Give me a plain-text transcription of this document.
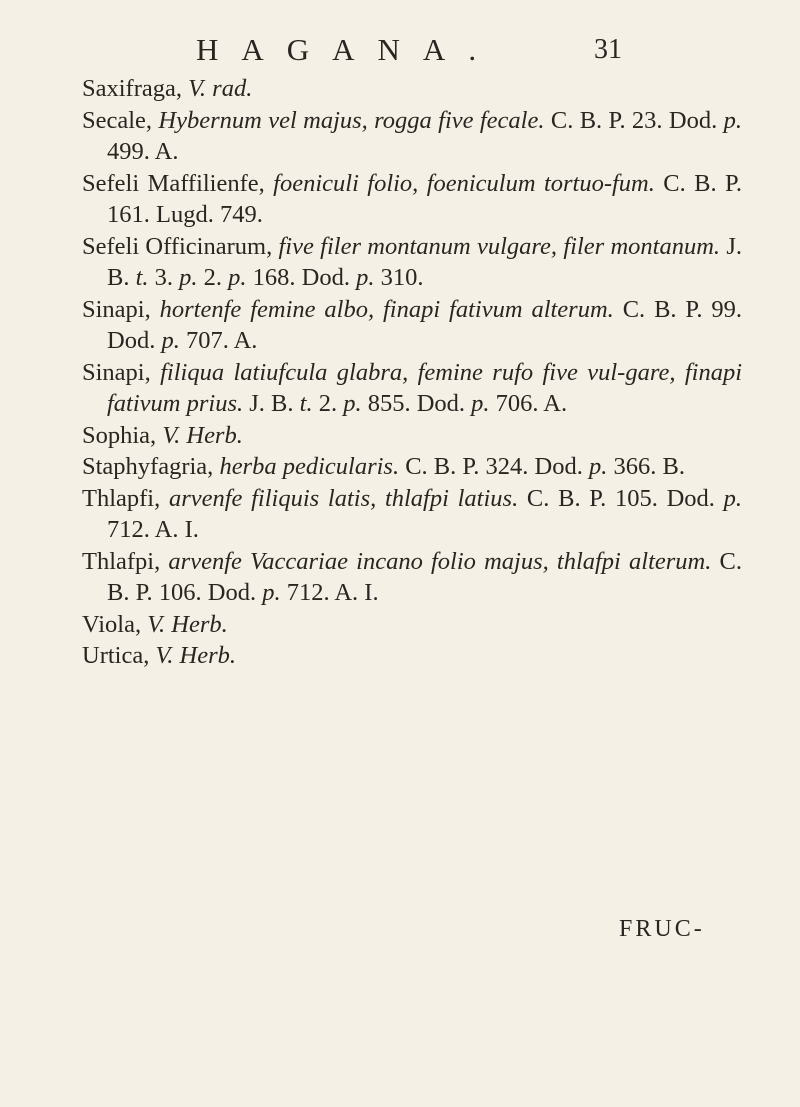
HAGANA.	31

Saxifraga, V. rad.

Secale, Hybernum vel majus, rogga five fecale. C. B. P. 23. Dod. p. 499. A.

Sefeli Maffilienfe, foeniculi folio, foeniculum tortuo-fum. C. B. P. 161. Lugd. 749.

Sefeli Officinarum, five filer montanum vulgare, filer montanum. J. B. t. 3. p. 2. p. 168. Dod. p. 310.

Sinapi, hortenfe femine albo, finapi fativum alterum. C. B. P. 99. Dod. p. 707. A.

Sinapi, filiqua latiufcula glabra, femine rufo five vul-gare, finapi fativum prius. J. B. t. 2. p. 855. Dod. p. 706. A.

Sophia, V. Herb.

Staphyfagria, herba pedicularis. C. B. P. 324. Dod. p. 366. B.

Thlapfi, arvenfe filiquis latis, thlafpi latius. C. B. P. 105. Dod. p. 712. A. I.

Thlafpi, arvenfe Vaccariae incano folio majus, thlafpi alterum. C. B. P. 106. Dod. p. 712. A. I.

Viola, V. Herb.

Urtica, V. Herb.

FRUC-
